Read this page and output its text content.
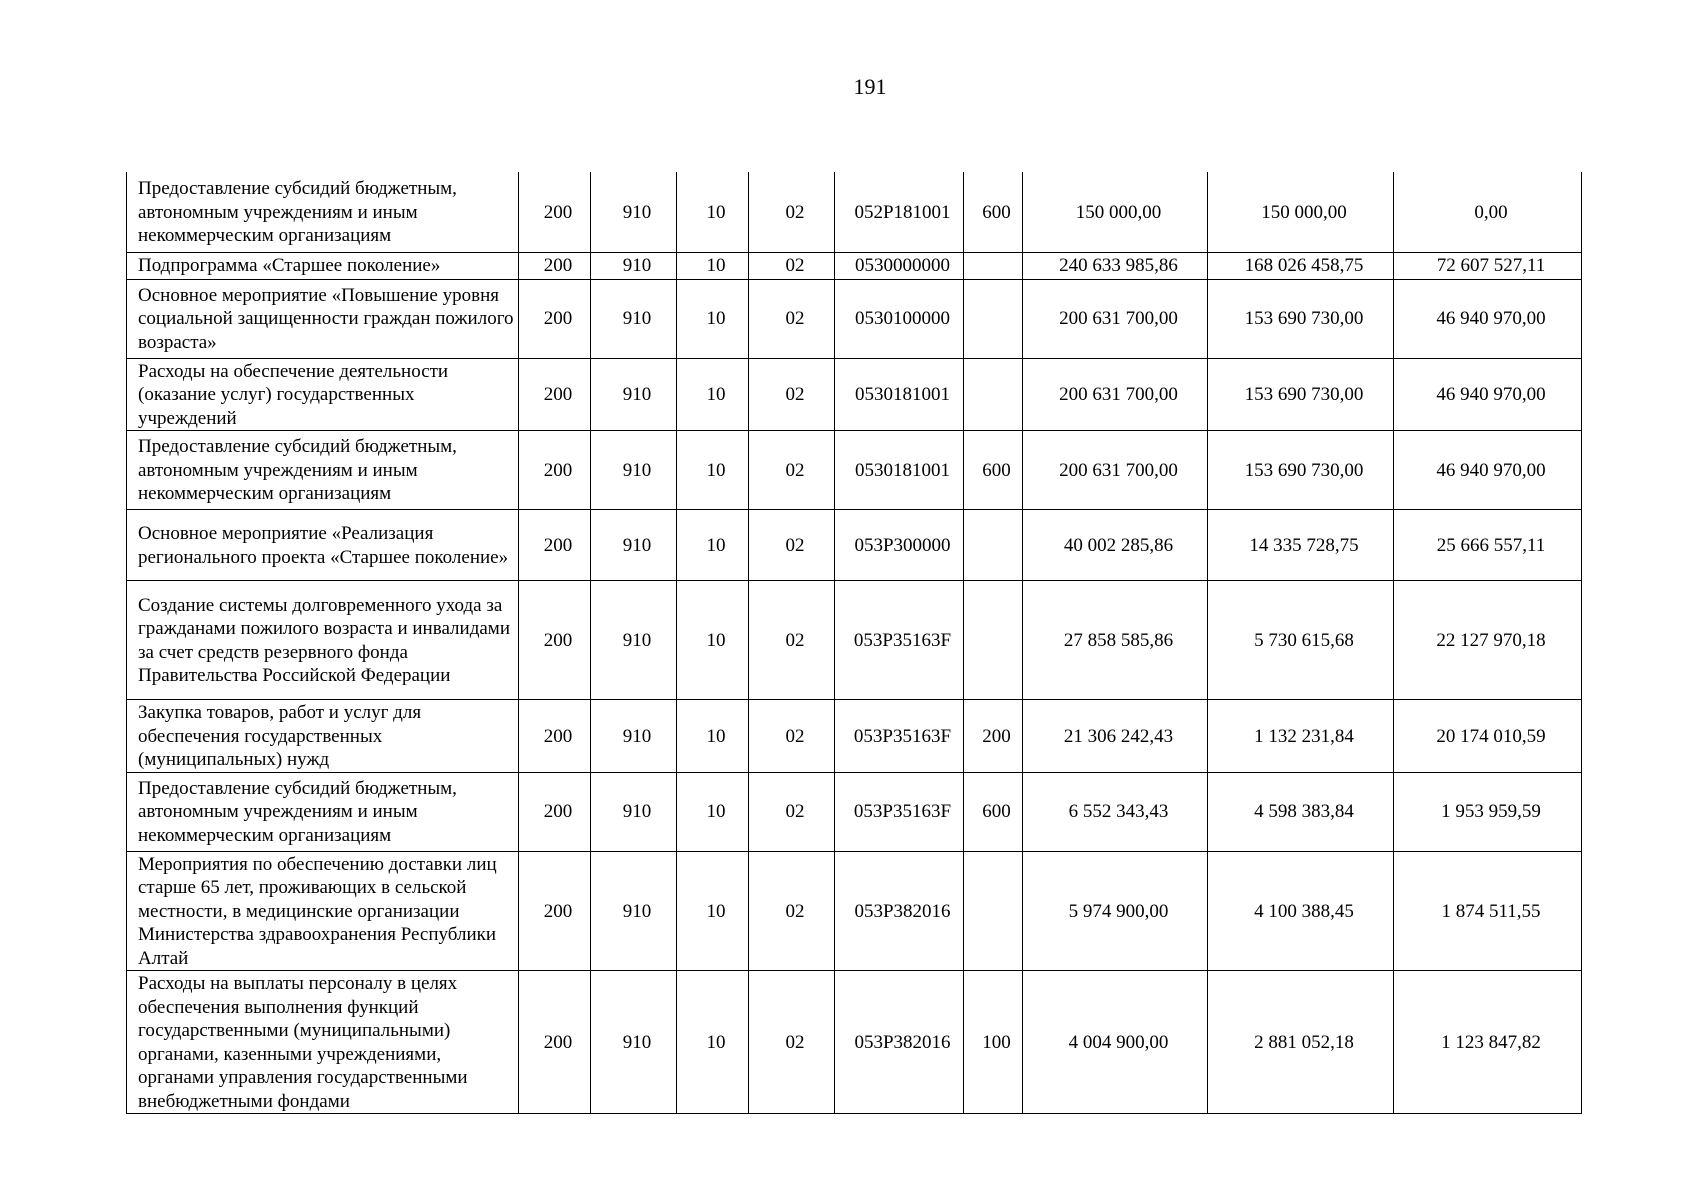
191
Предоставление субсидий бюджетным, автономным учреждениям и иным некоммерческим организациям	200	910	10	02	052P181001	600	150 000,00	150 000,00	0,00
Подпрограмма «Старшее поколение»	200	910	10	02	0530000000		240 633 985,86	168 026 458,75	72 607 527,11
Основное мероприятие «Повышение уровня социальной защищенности граждан пожилого возраста»	200	910	10	02	0530100000		200 631 700,00	153 690 730,00	46 940 970,00
Расходы на обеспечение деятельности (оказание услуг) государственных учреждений	200	910	10	02	0530181001		200 631 700,00	153 690 730,00	46 940 970,00
Предоставление субсидий бюджетным, автономным учреждениям и иным некоммерческим организациям	200	910	10	02	0530181001	600	200 631 700,00	153 690 730,00	46 940 970,00
Основное мероприятие «Реализация регионального проекта «Старшее поколение»	200	910	10	02	053P300000		40 002 285,86	14 335 728,75	25 666 557,11
Создание системы долговременного ухода за гражданами пожилого возраста и инвалидами за счет средств резервного фонда Правительства Российской Федерации	200	910	10	02	053P35163F		27 858 585,86	5 730 615,68	22 127 970,18
Закупка товаров, работ и услуг для обеспечения государственных (муниципальных) нужд	200	910	10	02	053P35163F	200	21 306 242,43	1 132 231,84	20 174 010,59
Предоставление субсидий бюджетным, автономным учреждениям и иным некоммерческим организациям	200	910	10	02	053P35163F	600	6 552 343,43	4 598 383,84	1 953 959,59
Мероприятия по обеспечению доставки лиц старше 65 лет, проживающих в сельской местности, в медицинские организации Министерства здравоохранения Республики Алтай	200	910	10	02	053P382016		5 974 900,00	4 100 388,45	1 874 511,55
Расходы на выплаты персоналу в целях обеспечения выполнения функций государственными (муниципальными) органами, казенными учреждениями, органами управления государственными внебюджетными фондами	200	910	10	02	053P382016	100	4 004 900,00	2 881 052,18	1 123 847,82
